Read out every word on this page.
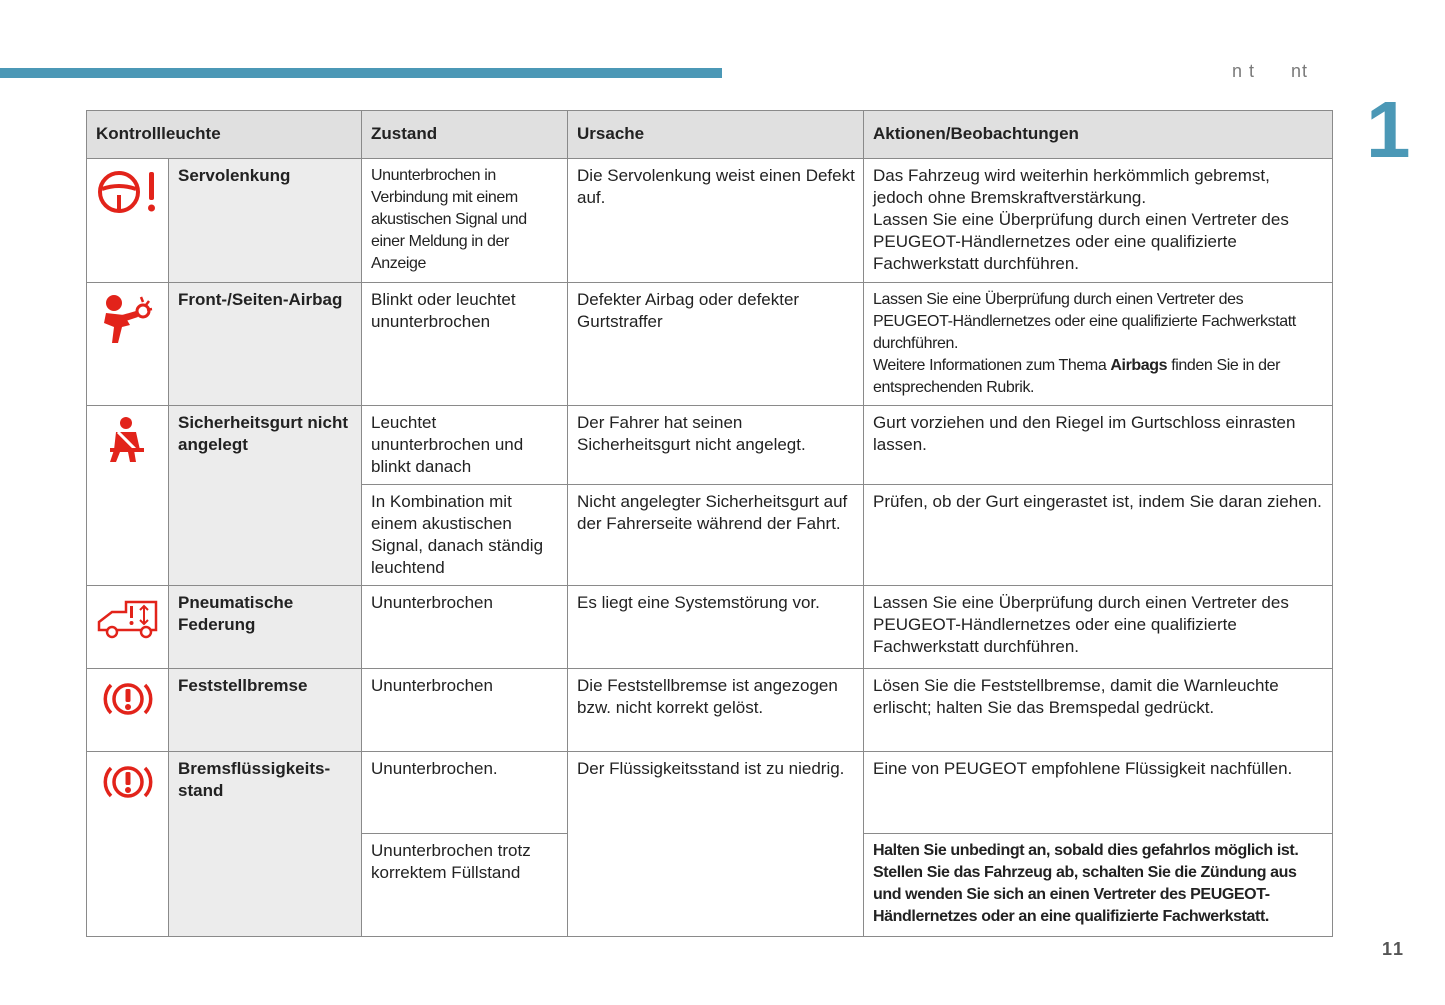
n t      nt
1
11
Kontrollleuchte		Zustand	Ursache	Aktionen/Beobachtungen
	Servolenkung	Ununterbrochen in Verbindung mit einem akustischen Signal und einer Meldung in der Anzeige	Die Servolenkung weist einen Defekt auf.	Das Fahrzeug wird weiterhin herkömmlich gebremst, jedoch ohne Bremskraftverstärkung.
Lassen Sie eine Überprüfung durch einen Vertreter des PEUGEOT-Händlernetzes oder eine qualifizierte Fachwerkstatt durchführen.

	Front-/Seiten-Airbag	Blinkt oder leuchtet ununterbrochen	Defekter Airbag oder defekter Gurtstraffer	Lassen Sie eine Überprüfung durch einen Vertreter des PEUGEOT-Händlernetzes oder eine qualifizierte Fachwerkstatt durchführen.
Weitere Informationen zum Thema Airbags finden Sie in der entsprechenden Rubrik.

	Sicherheitsgurt nicht angelegt	Leuchtet ununterbrochen und blinkt danach	Der Fahrer hat seinen Sicherheitsgurt nicht angelegt.	Gurt vorziehen und den Riegel im Gurtschloss einrasten lassen.
		In Kombination mit einem akustischen Signal, danach ständig leuchtend	Nicht angelegter Sicherheitsgurt auf der Fahrerseite während der Fahrt.	Prüfen, ob der Gurt eingerastet ist, indem Sie daran ziehen.
	Pneumatische Federung	Ununterbrochen	Es liegt eine Systemstörung vor.	Lassen Sie eine Überprüfung durch einen Vertreter des PEUGEOT-Händlernetzes oder eine qualifizierte Fachwerkstatt durchführen.
	Feststellbremse	Ununterbrochen	Die Feststellbremse ist angezogen bzw. nicht korrekt gelöst.	Lösen Sie die Feststellbremse, damit die Warnleuchte erlischt; halten Sie das Bremspedal gedrückt.
	Bremsflüssigkeits-stand	Ununterbrochen.	Der Flüssigkeitsstand ist zu niedrig.	Eine von PEUGEOT empfohlene Flüssigkeit nachfüllen.
		Ununterbrochen trotz korrektem Füllstand		Halten Sie unbedingt an, sobald dies gefahrlos möglich ist. Stellen Sie das Fahrzeug ab, schalten Sie die Zündung aus und wenden Sie sich an einen Vertreter des PEUGEOT-Händlernetzes oder an eine qualifizierte Fachwerkstatt.
